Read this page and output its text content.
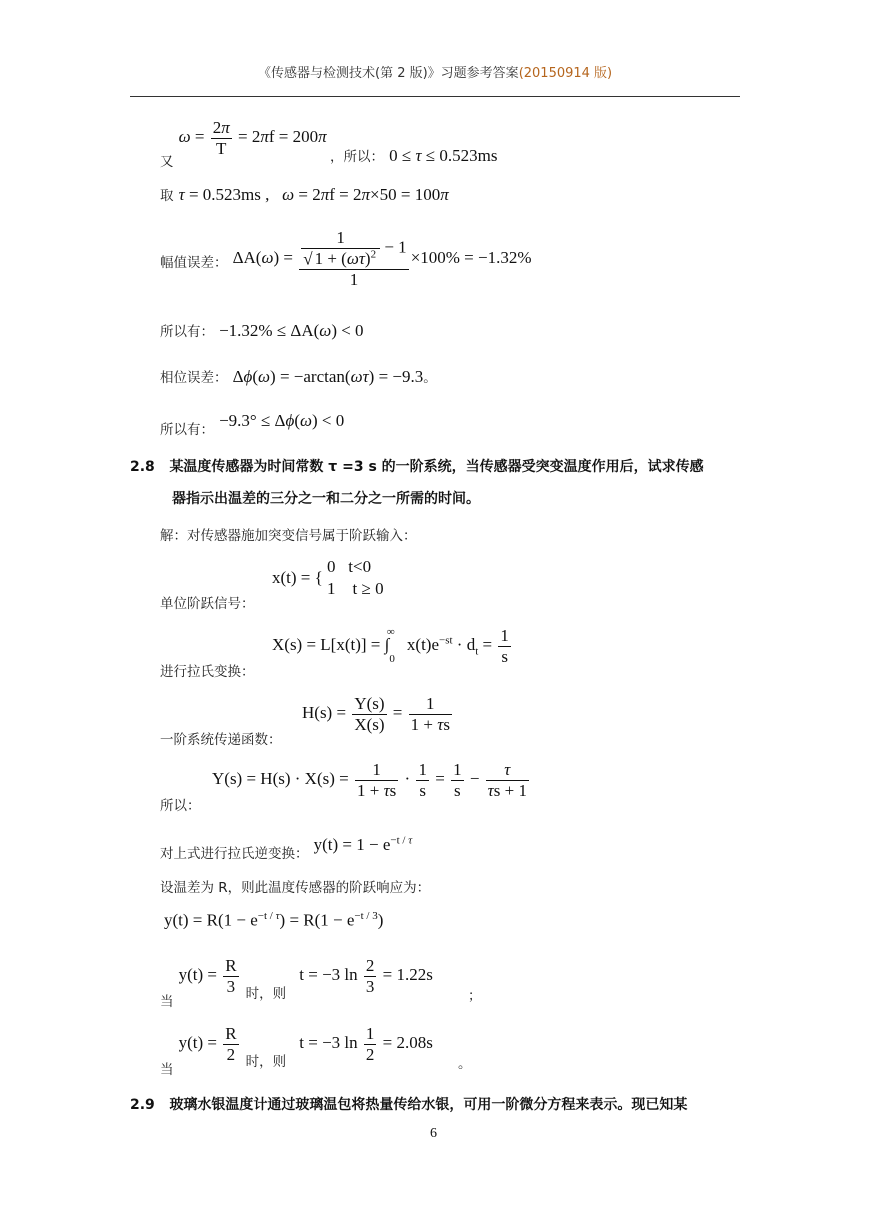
《传感器与检测技术(第 2 版)》习题参考答案(20150914 版)
$_又$ $\omega = \frac{2\pi}{T} = 2\pi f = 200\pi$
，所以： 0 ≤ τ ≤ 0.523ms
取 τ = 0.523ms ,   ω = 2πf = 2π×50 = 100π
$_{幅值误差:}$ $\Delta A(\omega) = \frac{\frac{1}{√ 1 + (\omega\tau)^2} - 1}{1} \times 100\% = -1.32\%$
所以有： −1.32% ≤ ΔA(ω) < 0
相位误差： Δϕ(ω) = −arctan(ωτ) = −9.3。
$_{所以有:}$ −9.3° ≤ Δϕ(ω) < 0
2.8 某温度传感器为时间常数 τ =3 s 的一阶系统，当传感器受突变温度作用后，试求传感
器指示出温差的三分之一和二分之一所需的时间。
解：对传感器施加突变信号属于阶跃输入：
$_{单位阶跃信号:}$
x(t) = {
0   t<0
1    t ≥ 0
进行拉氏变换：
$X(s) = L[x(t)] = \int_0^\infty$ $x(t)e^{-st} \cdot d_t = \frac{1}{s}$
一阶系统传递函数：
$H(s) = \frac{Y(s)}{X(s)} = \frac{1}{1 + \tau s}$
所以：
$Y(s) = H(s) \cdot X(s) = \frac{1}{1 + \tau s} \cdot \frac{1}{s} = \frac{1}{s} - \frac{\tau}{\tau s + 1}$
$_{对上式进行拉氏逆变换:}$ $y(t) = 1 - e^{-t / \tau}$
设温差为 R，则此温度传感器的阶跃响应为：
$y(t) = R(1 - e^{-t / \tau}) = R(1 - e^{-t / 3})$
$_当$ $y(t) = \frac{R}{3} _{时,则}$ t = −3 $\ln \frac{2}{3} = 1.22s$ $_;$
$_当$ $y(t) = \frac{R}{2} _{时,则}$ t = −3 $\ln \frac{1}{2} = 2.08s$ $_。$
2.9 玻璃水银温度计通过玻璃温包将热量传给水银，可用一阶微分方程来表示。现已知某
6
